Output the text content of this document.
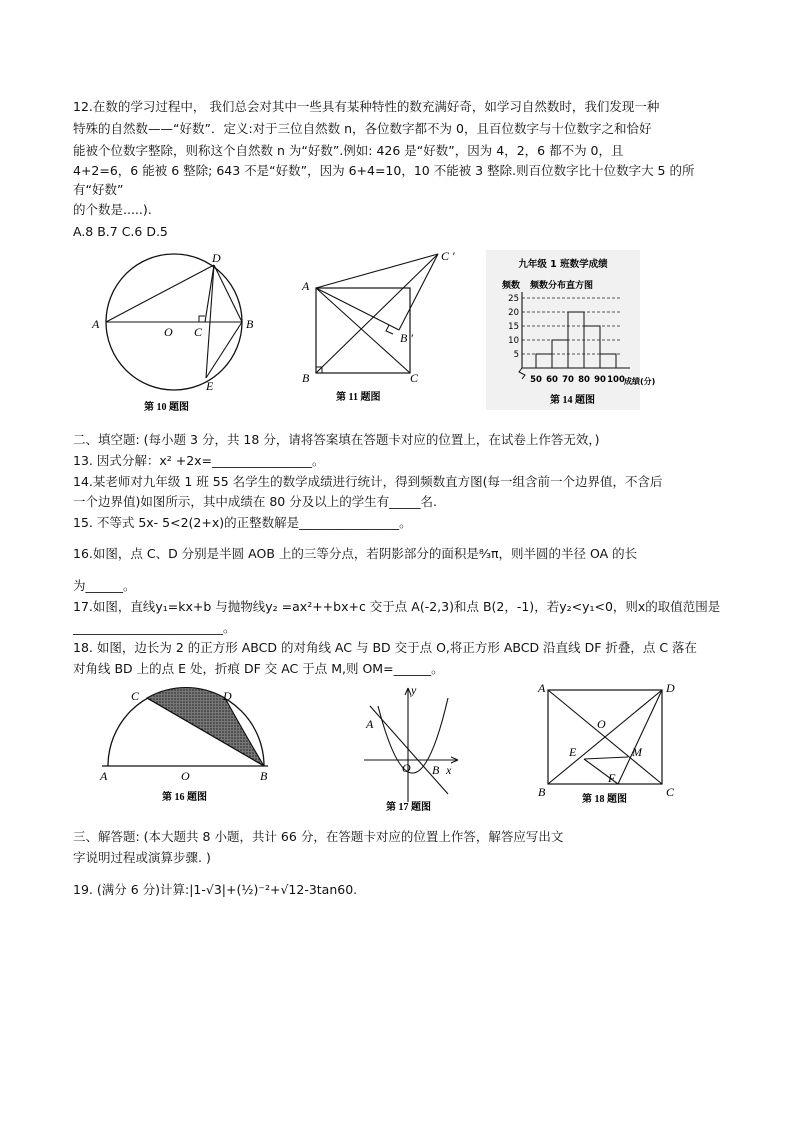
12.在数的学习过程中， 我们总会对其中一些具有某种特性的数充满好奇，如学习自然数时，我们发现一种
特殊的自然数——“好数”．定义:对于三位自然数 n，各位数字都不为 0，且百位数字与十位数字之和恰好
能被个位数字整除，则称这个自然数 n 为“好数”.例如: 426 是“好数”，因为 4，2，6 都不为 0，且
4+2=6，6 能被 6 整除; 643 不是“好数”，因为 6+4=10，10 不能被 3 整除.则百位数字比十位数字大 5 的所
有“好数”
的个数是.....).
A.8 B.7 C.6 D.5
A
O C
B
D
E
第 10 题图
A
B	C
C ′
B ′
第 11 题图
九年级 1 班数学成绩
频数 频数分布直方图
5
10
15
20
25
50 60 70 80 90 100 成绩(分)
第 14 题图
二、填空题: (每小题 3 分，共 18 分，请将答案填在答题卡对应的位置上，在试卷上作答无效，)
13. 因式分解：x² +2x=________________。
14.某老师对九年级 1 班 55 名学生的数学成绩进行统计，得到频数直方图(每一组含前一个边界值，不含后
一个边界值)如图所示，其中成绩在 80 分及以上的学生有_____名.
15. 不等式 5x- 5<2(2+x)的正整数解是________________。
16.如图，点 C、D 分别是半圆 AOB 上的三等分点，若阴影部分的面积是⁸⁄₃π，则半圆的半径 OA 的长
为______。
17.如图，直线y₁=kx+b 与抛物线y₂ =ax²++bx+c 交于点 A(-2,3)和点 B(2，-1)，若y₂<y₁<0，则x的取值范围是
________________________。
18. 如图，边长为 2 的正方形 ABCD 的对角线 AC 与 BD 交于点 O,将正方形 ABCD 沿直线 DF 折叠，点 C 落在
对角线 BD 上的点 E 处，折痕 DF 交 AC 于点 M,则 OM=______。
C	D
A	O	B
第 16 题图
y
x
O
A
B
第 17 题图
A	D
B	C
O
E	M
F
第 18 题图
三、解答题: (本大题共 8 小题，共计 66 分，在答题卡对应的位置上作答，解答应写出文
字说明过程或演算步骤. )
19. (满分 6 分)计算:|1-√3|+(½)⁻²+√12-3tan60.
